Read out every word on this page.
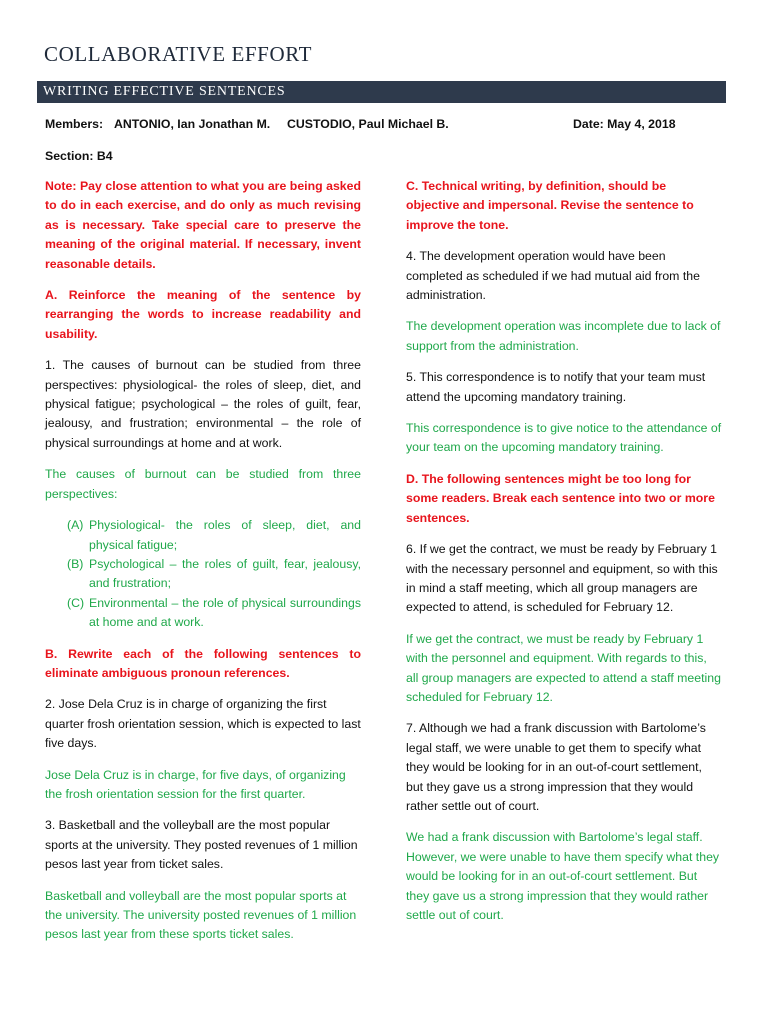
COLLABORATIVE EFFORT
WRITING EFFECTIVE SENTENCES
Members: ANTONIO, Ian Jonathan M. CUSTODIO, Paul Michael B.	Date: May 4, 2018
Section: B4

Note: Pay close attention to what you are being asked to do in each exercise, and do only as much revising as is necessary. Take special care to preserve the meaning of the original material. If necessary, invent reasonable details.

A. Reinforce the meaning of the sentence by rearranging the words to increase readability and usability.

1. The causes of burnout can be studied from three perspectives: physiological- the roles of sleep, diet, and physical fatigue; psychological – the roles of guilt, fear, jealousy, and frustration; environmental – the role of physical surroundings at home and at work.

The causes of burnout can be studied from three perspectives:

(A) Physiological- the roles of sleep, diet, and physical fatigue;
(B) Psychological – the roles of guilt, fear, jealousy, and frustration;
(C) Environmental – the role of physical surroundings at home and at work.

B. Rewrite each of the following sentences to eliminate ambiguous pronoun references.

2. Jose Dela Cruz is in charge of organizing the first quarter frosh orientation session, which is expected to last five days.

Jose Dela Cruz is in charge, for five days, of organizing the frosh orientation session for the first quarter.

3. Basketball and the volleyball are the most popular sports at the university. They posted revenues of 1 million pesos last year from ticket sales.

Basketball and volleyball are the most popular sports at the university. The university posted revenues of 1 million pesos last year from these sports ticket sales.

C. Technical writing, by definition, should be objective and impersonal. Revise the sentence to improve the tone.

4. The development operation would have been completed as scheduled if we had mutual aid from the administration.

The development operation was incomplete due to lack of support from the administration.

5. This correspondence is to notify that your team must attend the upcoming mandatory training.

This correspondence is to give notice to the attendance of your team on the upcoming mandatory training.

D. The following sentences might be too long for some readers. Break each sentence into two or more sentences.

6. If we get the contract, we must be ready by February 1 with the necessary personnel and equipment, so with this in mind a staff meeting, which all group managers are expected to attend, is scheduled for February 12.

If we get the contract, we must be ready by February 1 with the personnel and equipment. With regards to this, all group managers are expected to attend a staff meeting scheduled for February 12.

7. Although we had a frank discussion with Bartolome’s legal staff, we were unable to get them to specify what they would be looking for in an out-of-court settlement, but they gave us a strong impression that they would rather settle out of court.

We had a frank discussion with Bartolome’s legal staff. However, we were unable to have them specify what they would be looking for in an out-of-court settlement. But they gave us a strong impression that they would rather settle out of court.
